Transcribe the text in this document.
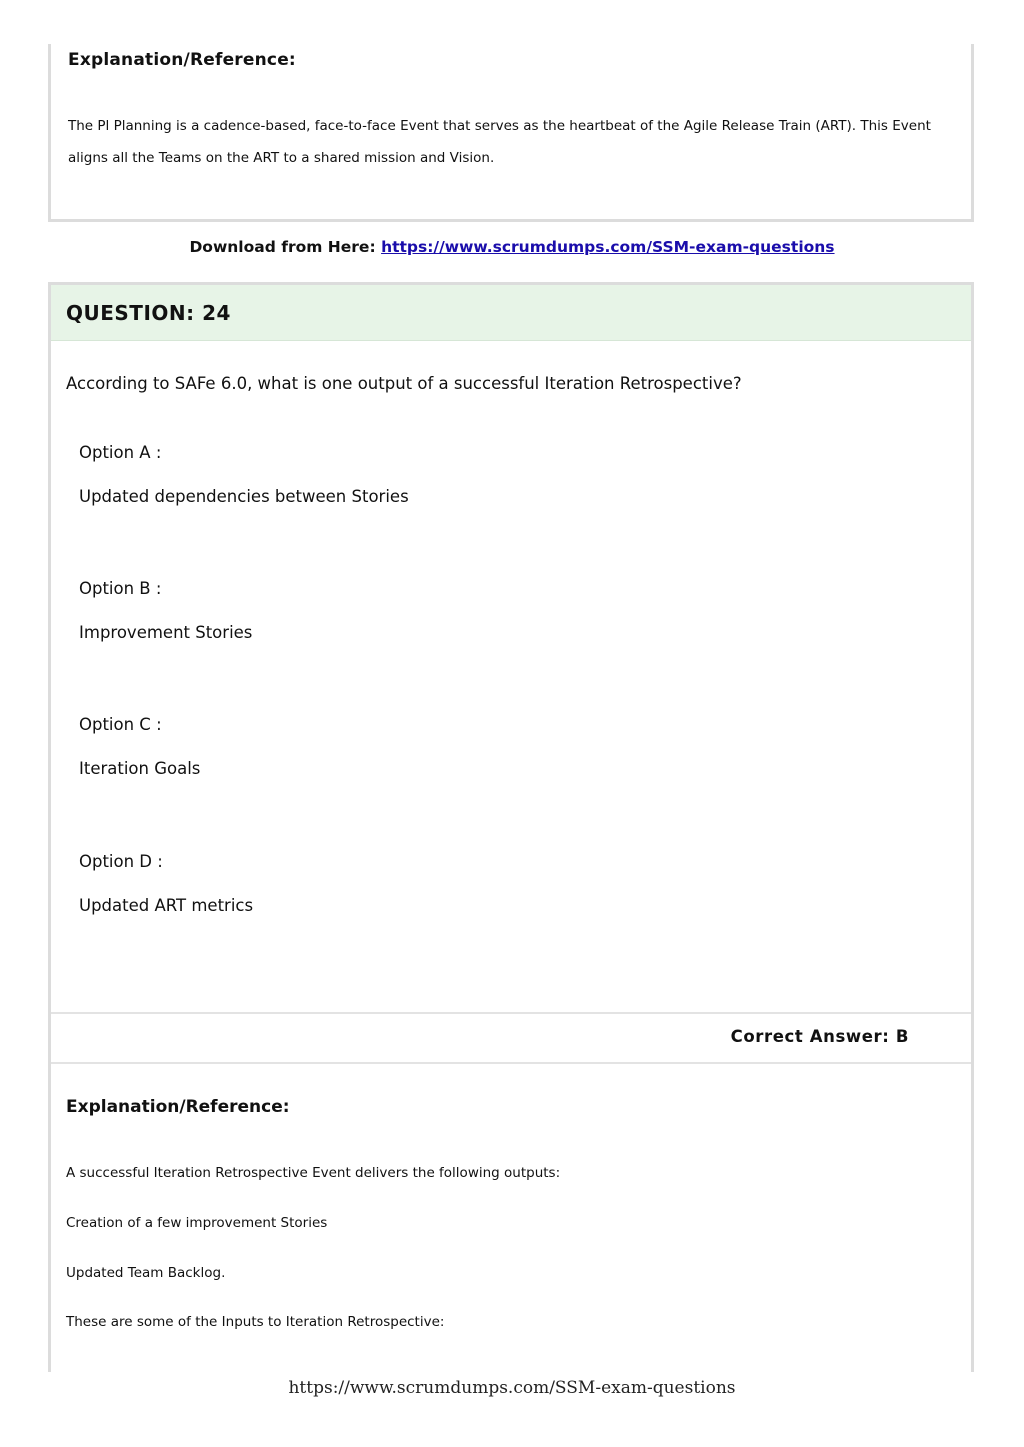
Explanation/Reference:
The Pl Planning is a cadence-based, face-to-face Event that serves as the heartbeat of the Agile Release Train (ART). This Event aligns all the Teams on the ART to a shared mission and Vision.
Download from Here: https://www.scrumdumps.com/SSM-exam-questions
QUESTION: 24
According to SAFe 6.0, what is one output of a successful Iteration Retrospective?
Option A :
Updated dependencies between Stories
Option B :
Improvement Stories
Option C :
Iteration Goals
Option D :
Updated ART metrics
Correct Answer: B
Explanation/Reference:
A successful Iteration Retrospective Event delivers the following outputs:
Creation of a few improvement Stories
Updated Team Backlog.
These are some of the Inputs to Iteration Retrospective:
https://www.scrumdumps.com/SSM-exam-questions
